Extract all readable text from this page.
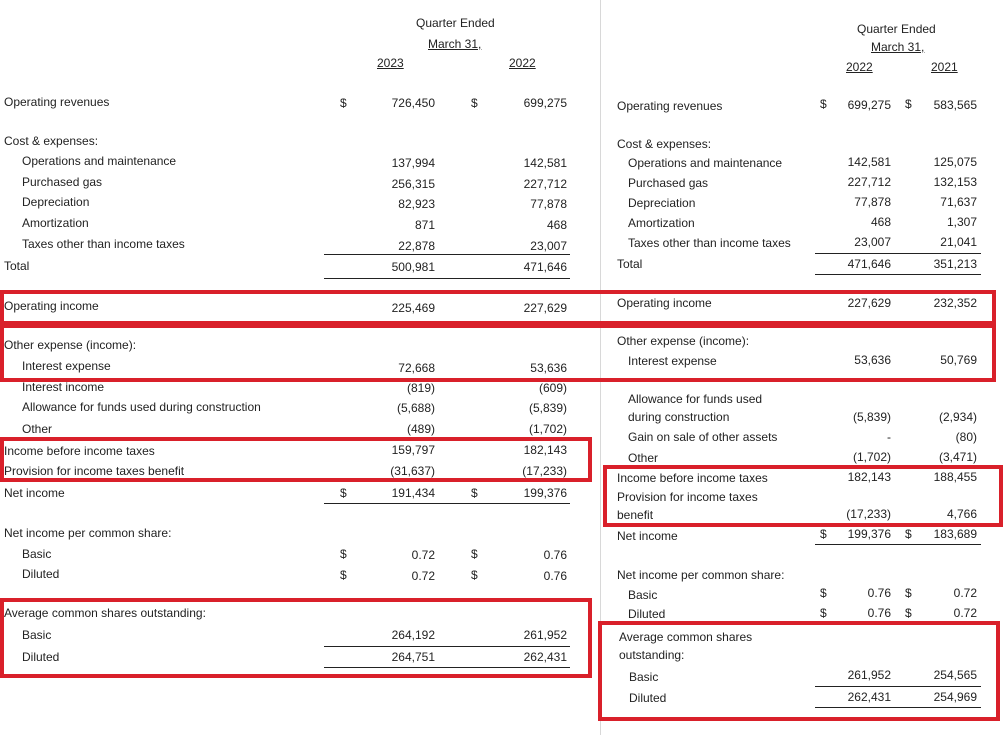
Quarter Ended
March 31,
2023	2022
Operating revenues	$	726,450	$	699,275
Cost & expenses:
Operations and maintenance	137,994	142,581
Purchased gas	256,315	227,712
Depreciation	82,923	77,878
Amortization	871	468
Taxes other than income taxes	22,878	23,007
Total	500,981	471,646
Operating income	225,469	227,629
Other expense (income):
Interest expense	72,668	53,636
Interest income	(819)	(609)
Allowance for funds used during construction	(5,688)	(5,839)
Other	(489)	(1,702)
Income before income taxes	159,797	182,143
Provision for income taxes benefit	(31,637)	(17,233)
Net income	$	191,434	$	199,376
Net income per common share:
Basic	$	0.72	$	0.76
Diluted	$	0.72	$	0.76
Average common shares outstanding:
Basic	264,192	261,952
Diluted	264,751	262,431
Quarter Ended
March 31,
2022	2021
Operating revenues	$	699,275 $	583,565
Cost & expenses:
Operations and maintenance	142,581	125,075
Purchased gas	227,712	132,153
Depreciation	77,878	71,637
Amortization	468	1,307
Taxes other than income taxes	23,007	21,041
Total	471,646	351,213
Operating income	227,629	232,352
Other expense (income):
Interest expense	53,636	50,769
Allowance for funds used
during construction	(5,839)	(2,934)
Gain on sale of other assets	-	(80)
Other	(1,702)	(3,471)
Income before income taxes	182,143	188,455
Provision for income taxes
benefit	(17,233)	4,766
Net income	$	199,376 $	183,689
Net income per common share:
Basic	$	0.76 $	0.72
Diluted	$	0.76 $	0.72
Average common shares
outstanding:
Basic	261,952	254,565
Diluted	262,431	254,969
